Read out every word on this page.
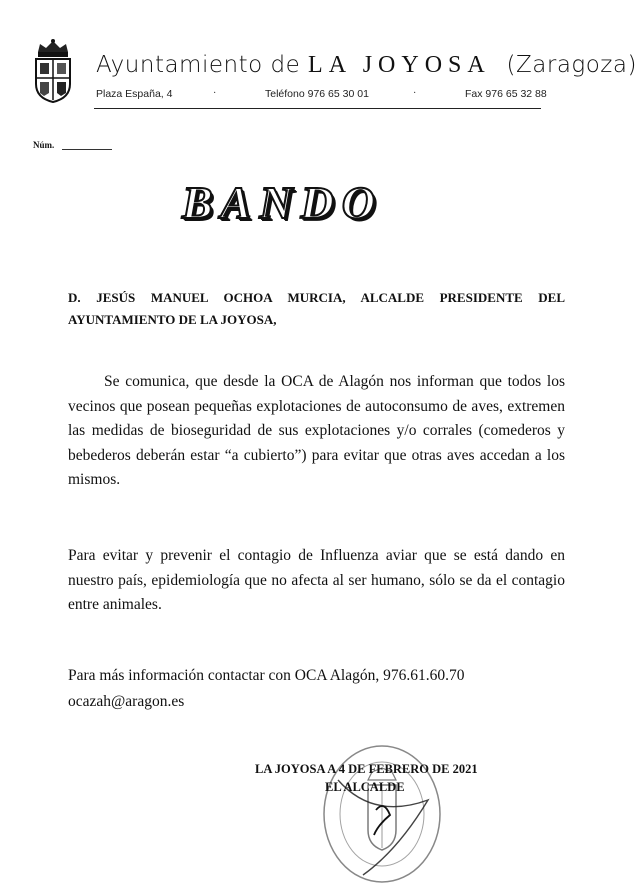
Ayuntamiento de LA JOYOSA (Zaragoza)
Plaza España, 4	·	Teléfono 976 65 30 01	·	Fax 976 65 32 88
Núm.
BANDO
D. JESÚS MANUEL OCHOA MURCIA, ALCALDE PRESIDENTE DEL
AYUNTAMIENTO DE LA JOYOSA,
Se comunica, que desde la OCA de Alagón nos informan que todos los vecinos que posean pequeñas explotaciones de autoconsumo de aves, extremen las medidas de bioseguridad de sus explotaciones y/o corrales (comederos y bebederos deberán estar “a cubierto”) para evitar que otras aves accedan a los mismos.
Para evitar y prevenir el contagio de Influenza aviar que se está dando en nuestro país, epidemiología que no afecta al ser humano, sólo se da el contagio entre animales.
Para más información contactar con OCA Alagón, 976.61.60.70
ocazah@aragon.es
LA JOYOSA A 4 DE FEBRERO DE 2021
EL ALCALDE
